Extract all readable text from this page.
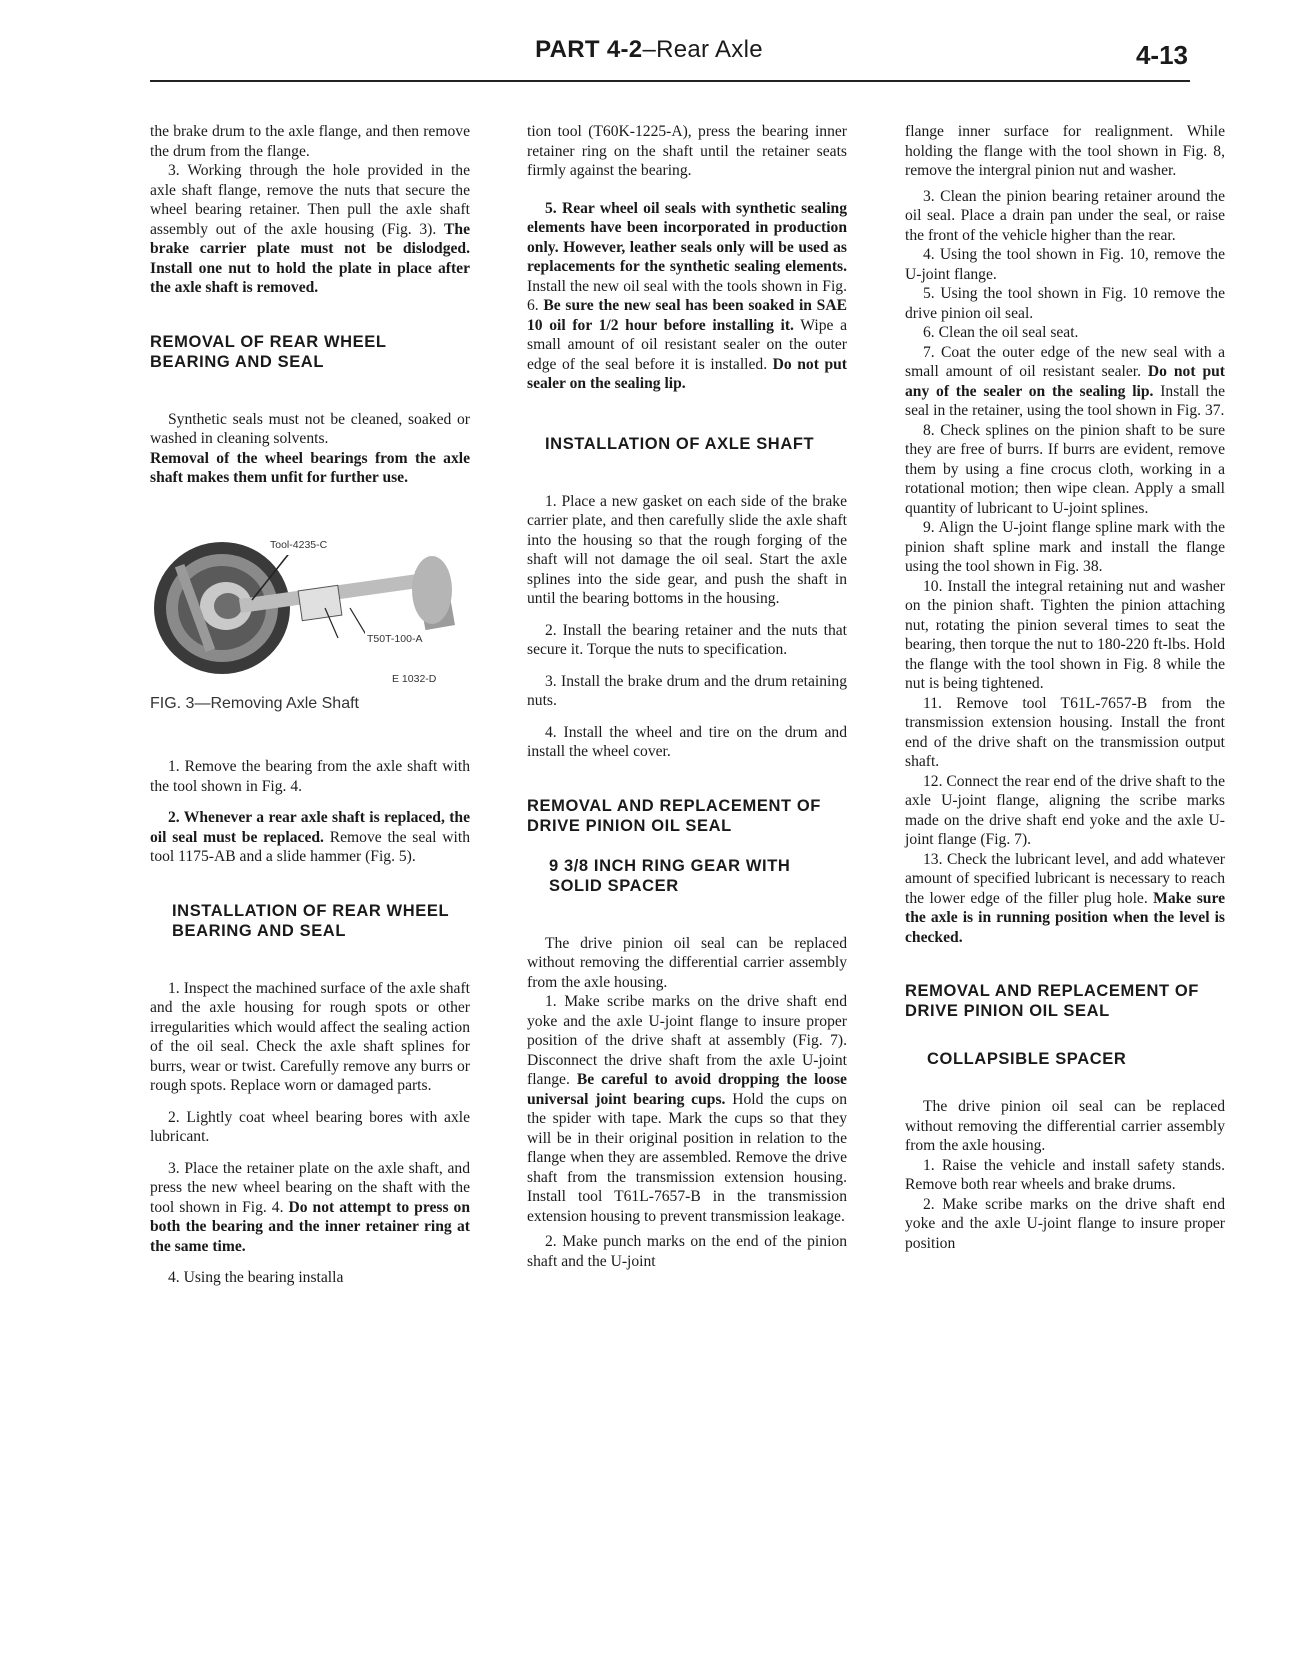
PART 4-2–Rear Axle	4-13

the brake drum to the axle flange, and then remove the drum from the flange.

3. Working through the hole provided in the axle shaft flange, remove the nuts that secure the wheel bearing retainer. Then pull the axle shaft assembly out of the axle housing (Fig. 3). The brake carrier plate must not be dislodged. Install one nut to hold the plate in place after the axle shaft is removed.

REMOVAL OF REAR WHEEL BEARING AND SEAL

Synthetic seals must not be cleaned, soaked or washed in cleaning solvents.

Removal of the wheel bearings from the axle shaft makes them unfit for further use.

Tool-4235-C
T50T-100-A
E 1032-D
FIG. 3—Removing Axle Shaft

1. Remove the bearing from the axle shaft with the tool shown in Fig. 4.

2. Whenever a rear axle shaft is replaced, the oil seal must be replaced. Remove the seal with tool 1175-AB and a slide hammer (Fig. 5).

INSTALLATION OF REAR WHEEL BEARING AND SEAL

1. Inspect the machined surface of the axle shaft and the axle housing for rough spots or other irregularities which would affect the sealing action of the oil seal. Check the axle shaft splines for burrs, wear or twist. Carefully remove any burrs or rough spots. Replace worn or damaged parts.

2. Lightly coat wheel bearing bores with axle lubricant.

3. Place the retainer plate on the axle shaft, and press the new wheel bearing on the shaft with the tool shown in Fig. 4. Do not attempt to press on both the bearing and the inner retainer ring at the same time.

4. Using the bearing installa

tion tool (T60K-1225-A), press the bearing inner retainer ring on the shaft until the retainer seats firmly against the bearing.

5. Rear wheel oil seals with synthetic sealing elements have been incorporated in production only. However, leather seals only will be used as replacements for the synthetic sealing elements. Install the new oil seal with the tools shown in Fig. 6. Be sure the new seal has been soaked in SAE 10 oil for 1/2 hour before installing it. Wipe a small amount of oil resistant sealer on the outer edge of the seal before it is installed. Do not put sealer on the sealing lip.

INSTALLATION OF AXLE SHAFT

1. Place a new gasket on each side of the brake carrier plate, and then carefully slide the axle shaft into the housing so that the rough forging of the shaft will not damage the oil seal. Start the axle splines into the side gear, and push the shaft in until the bearing bottoms in the housing.

2. Install the bearing retainer and the nuts that secure it. Torque the nuts to specification.

3. Install the brake drum and the drum retaining nuts.

4. Install the wheel and tire on the drum and install the wheel cover.

REMOVAL AND REPLACEMENT OF DRIVE PINION OIL SEAL
9 3/8 INCH RING GEAR WITH SOLID SPACER

The drive pinion oil seal can be replaced without removing the differential carrier assembly from the axle housing.

1. Make scribe marks on the drive shaft end yoke and the axle U-joint flange to insure proper position of the drive shaft at assembly (Fig. 7). Disconnect the drive shaft from the axle U-joint flange. Be careful to avoid dropping the loose universal joint bearing cups. Hold the cups on the spider with tape. Mark the cups so that they will be in their original position in relation to the flange when they are assembled. Remove the drive shaft from the transmission extension housing. Install tool T61L-7657-B in the transmission extension housing to prevent transmission leakage.

2. Make punch marks on the end of the pinion shaft and the U-joint

flange inner surface for realignment. While holding the flange with the tool shown in Fig. 8, remove the intergral pinion nut and washer.

3. Clean the pinion bearing retainer around the oil seal. Place a drain pan under the seal, or raise the front of the vehicle higher than the rear.

4. Using the tool shown in Fig. 10, remove the U-joint flange.

5. Using the tool shown in Fig. 10 remove the drive pinion oil seal.

6. Clean the oil seal seat.

7. Coat the outer edge of the new seal with a small amount of oil resistant sealer. Do not put any of the sealer on the sealing lip. Install the seal in the retainer, using the tool shown in Fig. 37.

8. Check splines on the pinion shaft to be sure they are free of burrs. If burrs are evident, remove them by using a fine crocus cloth, working in a rotational motion; then wipe clean. Apply a small quantity of lubricant to U-joint splines.

9. Align the U-joint flange spline mark with the pinion shaft spline mark and install the flange using the tool shown in Fig. 38.

10. Install the integral retaining nut and washer on the pinion shaft. Tighten the pinion attaching nut, rotating the pinion several times to seat the bearing, then torque the nut to 180-220 ft-lbs. Hold the flange with the tool shown in Fig. 8 while the nut is being tightened.

11. Remove tool T61L-7657-B from the transmission extension housing. Install the front end of the drive shaft on the transmission output shaft.

12. Connect the rear end of the drive shaft to the axle U-joint flange, aligning the scribe marks made on the drive shaft end yoke and the axle U-joint flange (Fig. 7).

13. Check the lubricant level, and add whatever amount of specified lubricant is necessary to reach the lower edge of the filler plug hole. Make sure the axle is in running position when the level is checked.

REMOVAL AND REPLACEMENT OF DRIVE PINION OIL SEAL
COLLAPSIBLE SPACER

The drive pinion oil seal can be replaced without removing the differential carrier assembly from the axle housing.

1. Raise the vehicle and install safety stands. Remove both rear wheels and brake drums.

2. Make scribe marks on the drive shaft end yoke and the axle U-joint flange to insure proper position
